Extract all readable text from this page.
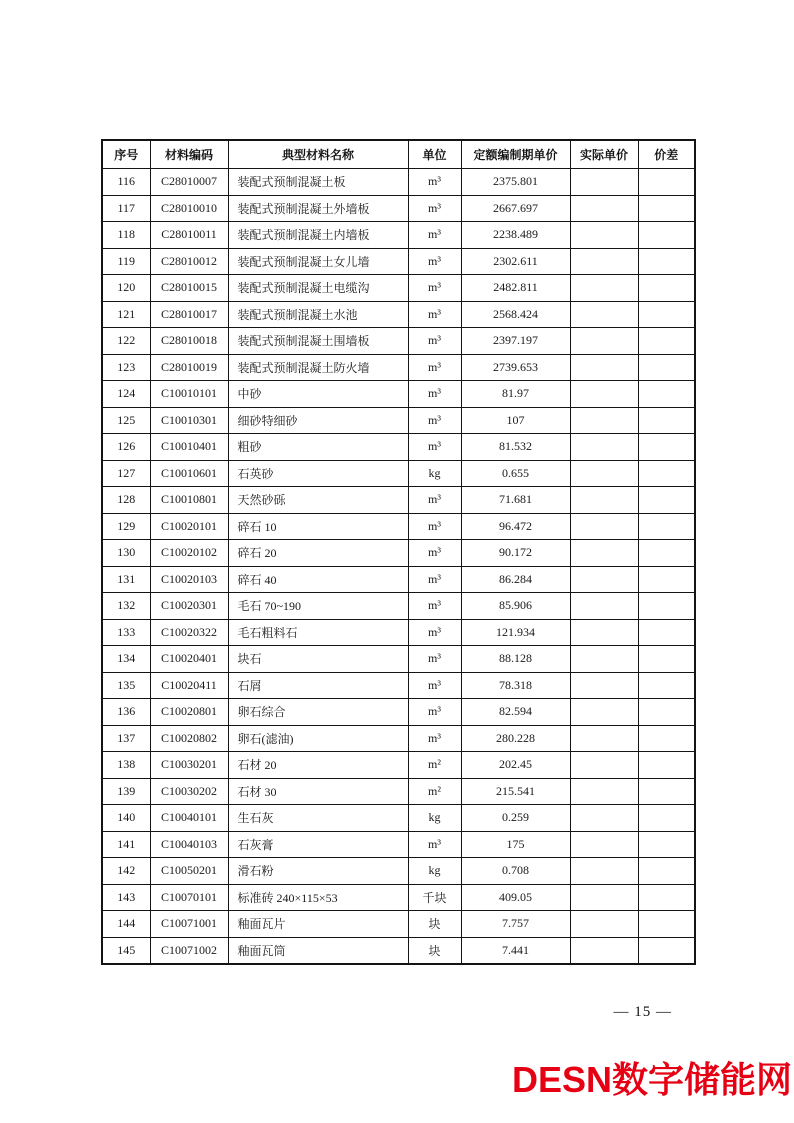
序号	材料编码	典型材料名称	单位	定额编制期单价	实际单价	价差
116	C28010007	装配式预制混凝土板	m³	2375.801		
117	C28010010	装配式预制混凝土外墙板	m³	2667.697		
118	C28010011	装配式预制混凝土内墙板	m³	2238.489		
119	C28010012	装配式预制混凝土女儿墙	m³	2302.611		
120	C28010015	装配式预制混凝土电缆沟	m³	2482.811		
121	C28010017	装配式预制混凝土水池	m³	2568.424		
122	C28010018	装配式预制混凝土围墙板	m³	2397.197		
123	C28010019	装配式预制混凝土防火墙	m³	2739.653		
124	C10010101	中砂	m³	81.97		
125	C10010301	细砂特细砂	m³	107		
126	C10010401	粗砂	m³	81.532		
127	C10010601	石英砂	kg	0.655		
128	C10010801	天然砂砾	m³	71.681		
129	C10020101	碎石 10	m³	96.472		
130	C10020102	碎石 20	m³	90.172		
131	C10020103	碎石 40	m³	86.284		
132	C10020301	毛石 70~190	m³	85.906		
133	C10020322	毛石粗料石	m³	121.934		
134	C10020401	块石	m³	88.128		
135	C10020411	石屑	m³	78.318		
136	C10020801	卵石综合	m³	82.594		
137	C10020802	卵石(滤油)	m³	280.228		
138	C10030201	石材 20	m²	202.45		
139	C10030202	石材 30	m²	215.541		
140	C10040101	生石灰	kg	0.259		
141	C10040103	石灰膏	m³	175		
142	C10050201	滑石粉	kg	0.708		
143	C10070101	标准砖 240×115×53	千块	409.05		
144	C10071001	釉面瓦片	块	7.757		
145	C10071002	釉面瓦筒	块	7.441		
— 15 —
DESN数字储能网
